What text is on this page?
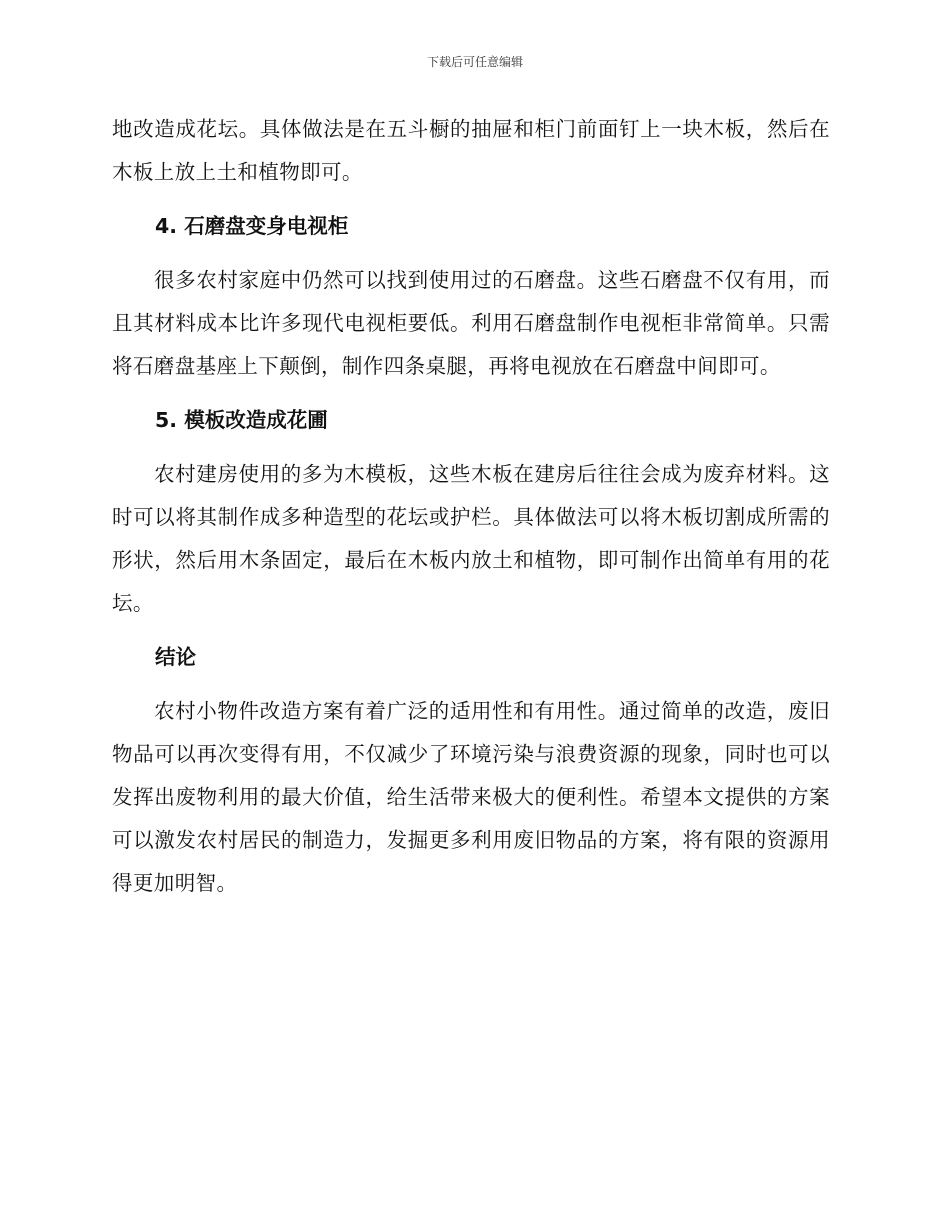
下载后可任意编辑

地改造成花坛。具体做法是在五斗橱的抽屉和柜门前面钉上一块木板，然后在木板上放上土和植物即可。

4. 石磨盘变身电视柜

很多农村家庭中仍然可以找到使用过的石磨盘。这些石磨盘不仅有用，而且其材料成本比许多现代电视柜要低。利用石磨盘制作电视柜非常简单。只需将石磨盘基座上下颠倒，制作四条桌腿，再将电视放在石磨盘中间即可。

5. 模板改造成花圃

农村建房使用的多为木模板，这些木板在建房后往往会成为废弃材料。这时可以将其制作成多种造型的花坛或护栏。具体做法可以将木板切割成所需的形状，然后用木条固定，最后在木板内放土和植物，即可制作出简单有用的花坛。

结论

农村小物件改造方案有着广泛的适用性和有用性。通过简单的改造，废旧物品可以再次变得有用，不仅减少了环境污染与浪费资源的现象，同时也可以发挥出废物利用的最大价值，给生活带来极大的便利性。希望本文提供的方案可以激发农村居民的制造力，发掘更多利用废旧物品的方案，将有限的资源用得更加明智。
